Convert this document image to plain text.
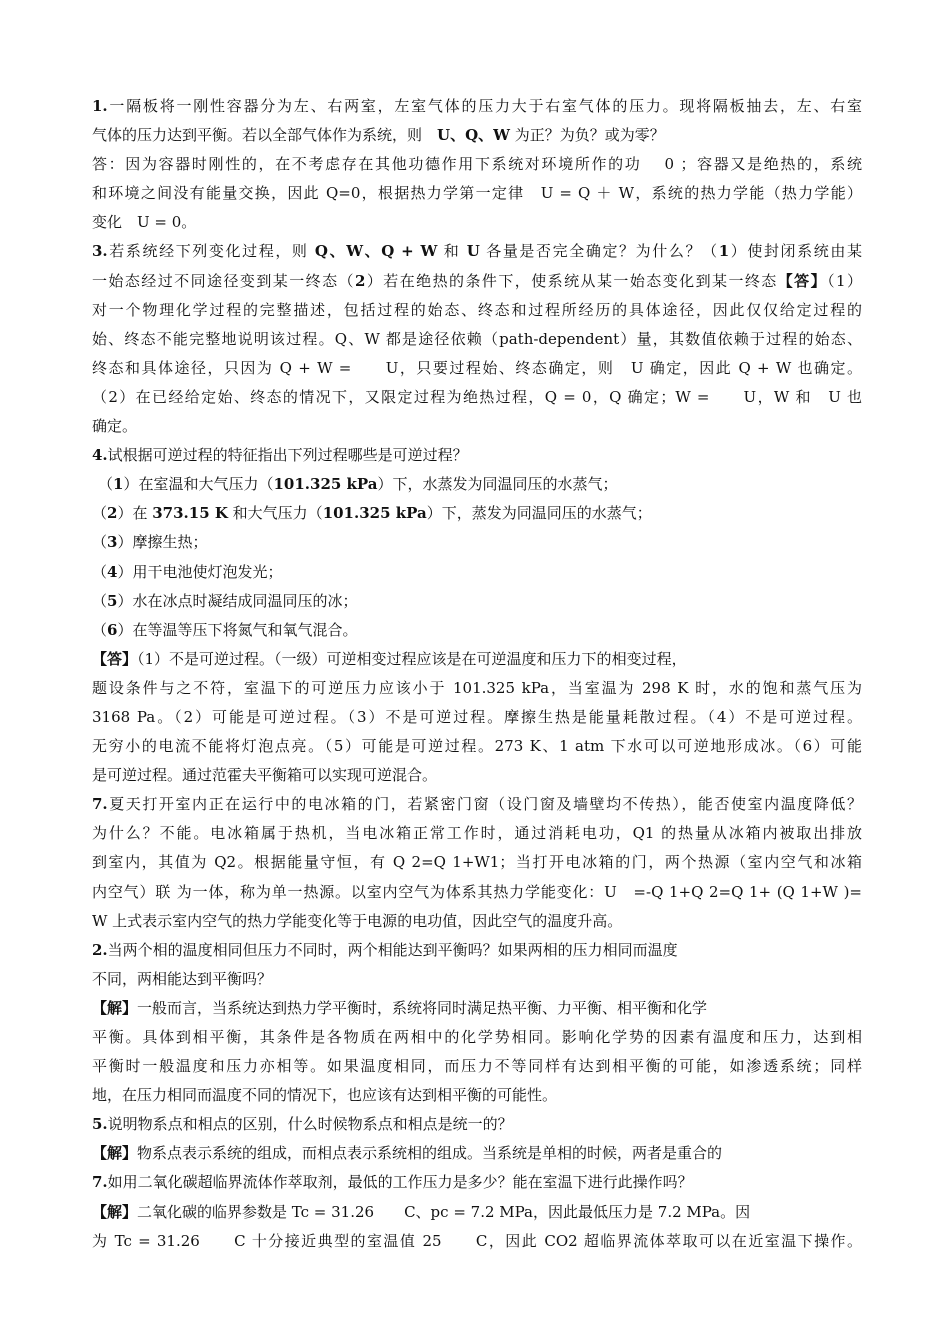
1.一隔板将一刚性容器分为左、右两室，左室气体的压力大于右室气体的压力。现将隔板抽去，左、右室
气体的压力达到平衡。若以全部气体作为系统，则　U、Q、W 为正？为负？或为零？
答：因为容器时刚性的，在不考虑存在其他功德作用下系统对环境所作的功　 0 ；容器又是绝热的，系统
和环境之间没有能量交换，因此 Q=0，根据热力学第一定律　U = Q ＋ W，系统的热力学能（热力学能）
变化　U = 0。
3.若系统经下列变化过程，则 Q、W、Q + W 和 U 各量是否完全确定？为什么？（1）使封闭系统由某
一始态经过不同途径变到某一终态（2）若在绝热的条件下，使系统从某一始态变化到某一终态【答】（1）
对一个物理化学过程的完整描述，包括过程的始态、终态和过程所经历的具体途径，因此仅仅给定过程的
始、终态不能完整地说明该过程。Q、W 都是途径依赖（path-dependent）量，其数值依赖于过程的始态、
终态和具体途径，只因为 Q + W =　　U，只要过程始、终态确定，则　U 确定，因此 Q + W 也确定。
（2）在已经给定始、终态的情况下，又限定过程为绝热过程，Q = 0，Q 确定；W =　　U，W 和　U 也
确定。
4.试根据可逆过程的特征指出下列过程哪些是可逆过程？
（1）在室温和大气压力（101.325 kPa）下，水蒸发为同温同压的水蒸气；
（2）在 373.15 K 和大气压力（101.325 kPa）下，蒸发为同温同压的水蒸气；
（3）摩擦生热；
（4）用干电池使灯泡发光；
（5）水在冰点时凝结成同温同压的冰；
（6）在等温等压下将氮气和氧气混合。
【答】（1）不是可逆过程。（一级）可逆相变过程应该是在可逆温度和压力下的相变过程，
题设条件与之不符，室温下的可逆压力应该小于 101.325 kPa，当室温为 298 K 时，水的饱和蒸气压为
3168 Pa。（2）可能是可逆过程。（3）不是可逆过程。摩擦生热是能量耗散过程。（4）不是可逆过程。
无穷小的电流不能将灯泡点亮。（5）可能是可逆过程。273 K、1 atm 下水可以可逆地形成冰。（6）可能
是可逆过程。通过范霍夫平衡箱可以实现可逆混合。
7.夏天打开室内正在运行中的电冰箱的门，若紧密门窗（设门窗及墙壁均不传热），能否使室内温度降低？
为什么？不能。电冰箱属于热机，当电冰箱正常工作时，通过消耗电功，Q1 的热量从冰箱内被取出排放
到室内，其值为 Q2。根据能量守恒，有 Q 2=Q 1+W1；当打开电冰箱的门，两个热源（室内空气和冰箱
内空气）联 为一体，称为单一热源。以室内空气为体系其热力学能变化：U　=-Q 1+Q 2=Q 1+ (Q 1+W )=
W 上式表示室内空气的热力学能变化等于电源的电功值，因此空气的温度升高。
2.当两个相的温度相同但压力不同时，两个相能达到平衡吗？如果两相的压力相同而温度
不同，两相能达到平衡吗？
【解】一般而言，当系统达到热力学平衡时，系统将同时满足热平衡、力平衡、相平衡和化学
平衡。具体到相平衡，其条件是各物质在两相中的化学势相同。影响化学势的因素有温度和压力，达到相
平衡时一般温度和压力亦相等。如果温度相同，而压力不等同样有达到相平衡的可能，如渗透系统；同样
地，在压力相同而温度不同的情况下，也应该有达到相平衡的可能性。
5.说明物系点和相点的区别，什么时候物系点和相点是统一的？
【解】物系点表示系统的组成，而相点表示系统相的组成。当系统是单相的时候，两者是重合的
7.如用二氧化碳超临界流体作萃取剂，最低的工作压力是多少？能在室温下进行此操作吗？
【解】二氧化碳的临界参数是 Tc = 31.26　　C、pc = 7.2 MPa，因此最低压力是 7.2 MPa。因
为 Tc = 31.26　　C 十分接近典型的室温值 25　　C，因此 CO2 超临界流体萃取可以在近室温下操作。
